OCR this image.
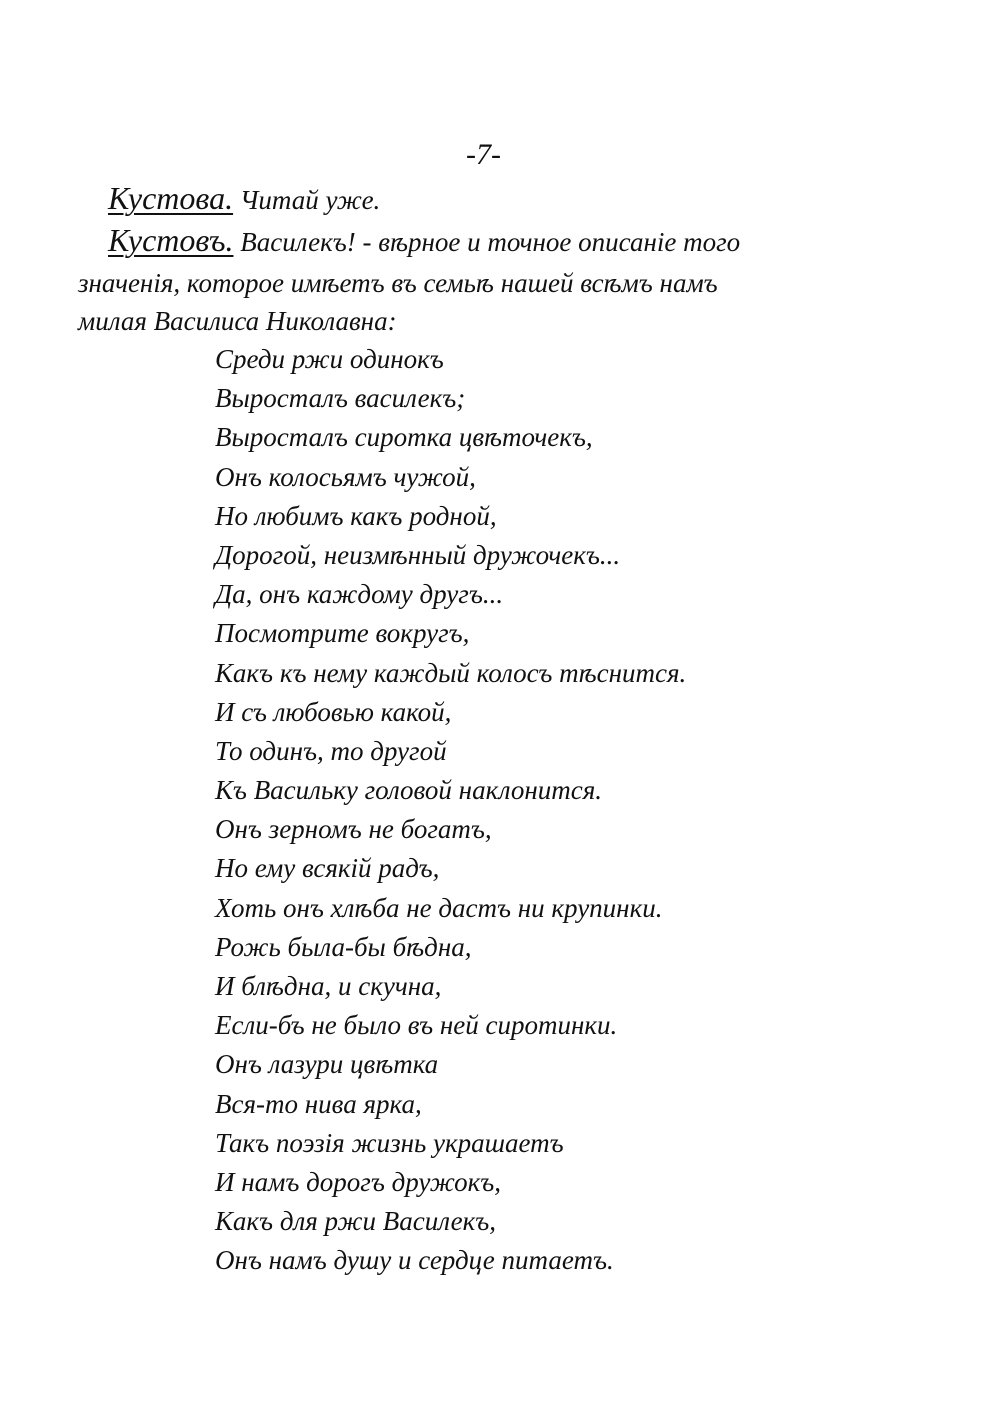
-7-
Кустова. Читай уже.
Кустовъ. Василекъ! - вѣрное и точное описаніе того
значенія, которое имѣетъ въ семьѣ нашей всѣмъ намъ
милая Василиса Николавна:
Среди ржи одинокъ
Выросталъ василекъ;
Выросталъ сиротка цвѣточекъ,
Онъ колосьямъ чужой,
Но любимъ какъ родной,
Дорогой, неизмѣнный дружочекъ...
Да, онъ каждому другъ...
Посмотрите вокругъ,
Какъ къ нему каждый колосъ тѣснится.
И съ любовью какой,
То одинъ, то другой
Къ Васильку головой наклонится.
Онъ зерномъ не богатъ,
Но ему всякій радъ,
Хоть онъ хлѣба не дастъ ни крупинки.
Рожь была-бы бѣдна,
И блѣдна, и скучна,
Если-бъ не было въ ней сиротинки.
Онъ лазури цвѣтка
Вся-то нива ярка,
Такъ поэзія жизнь украшаетъ
И намъ дорогъ дружокъ,
Какъ для ржи Василекъ,
Онъ намъ душу и сердце питаетъ.
